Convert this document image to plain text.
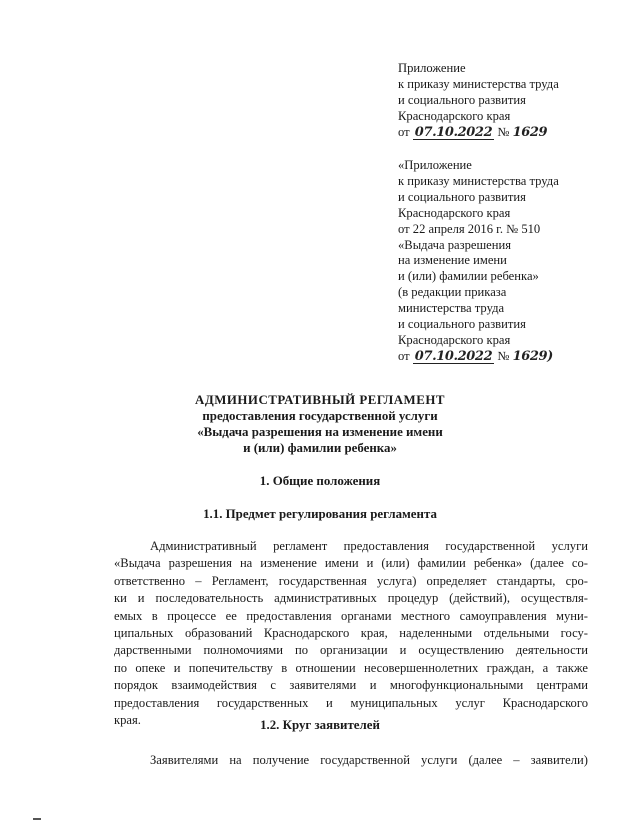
Приложение
к приказу министерства труда
и социального развития
Краснодарского края
от 07.10.2022 № 1629
«Приложение
к приказу министерства труда
и социального развития
Краснодарского края
от 22 апреля 2016 г. № 510
«Выдача разрешения
на изменение имени
и (или) фамилии ребенка»
(в редакции приказа
министерства труда
и социального развития
Краснодарского края
от 07.10.2022 № 1629)
АДМИНИСТРАТИВНЫЙ РЕГЛАМЕНТ
предоставления государственной услуги
«Выдача разрешения на изменение имени
и (или) фамилии ребенка»
1. Общие положения
1.1. Предмет регулирования регламента
Административный регламент предоставления государственной услуги
«Выдача разрешения на изменение имени и (или) фамилии ребенка» (далее со-
ответственно – Регламент, государственная услуга) определяет стандарты, сро-
ки и последовательность административных процедур (действий), осуществля-
емых в процессе ее предоставления органами местного самоуправления муни-
ципальных образований Краснодарского края, наделенными отдельными госу-
дарственными полномочиями по организации и осуществлению деятельности
по опеке и попечительству в отношении несовершеннолетних граждан, а также
порядок взаимодействия с заявителями и многофункциональными центрами
предоставления государственных и муниципальных услуг Краснодарского
края.	1.2. Круг заявителей
Заявителями на получение государственной услуги (далее – заявители)
